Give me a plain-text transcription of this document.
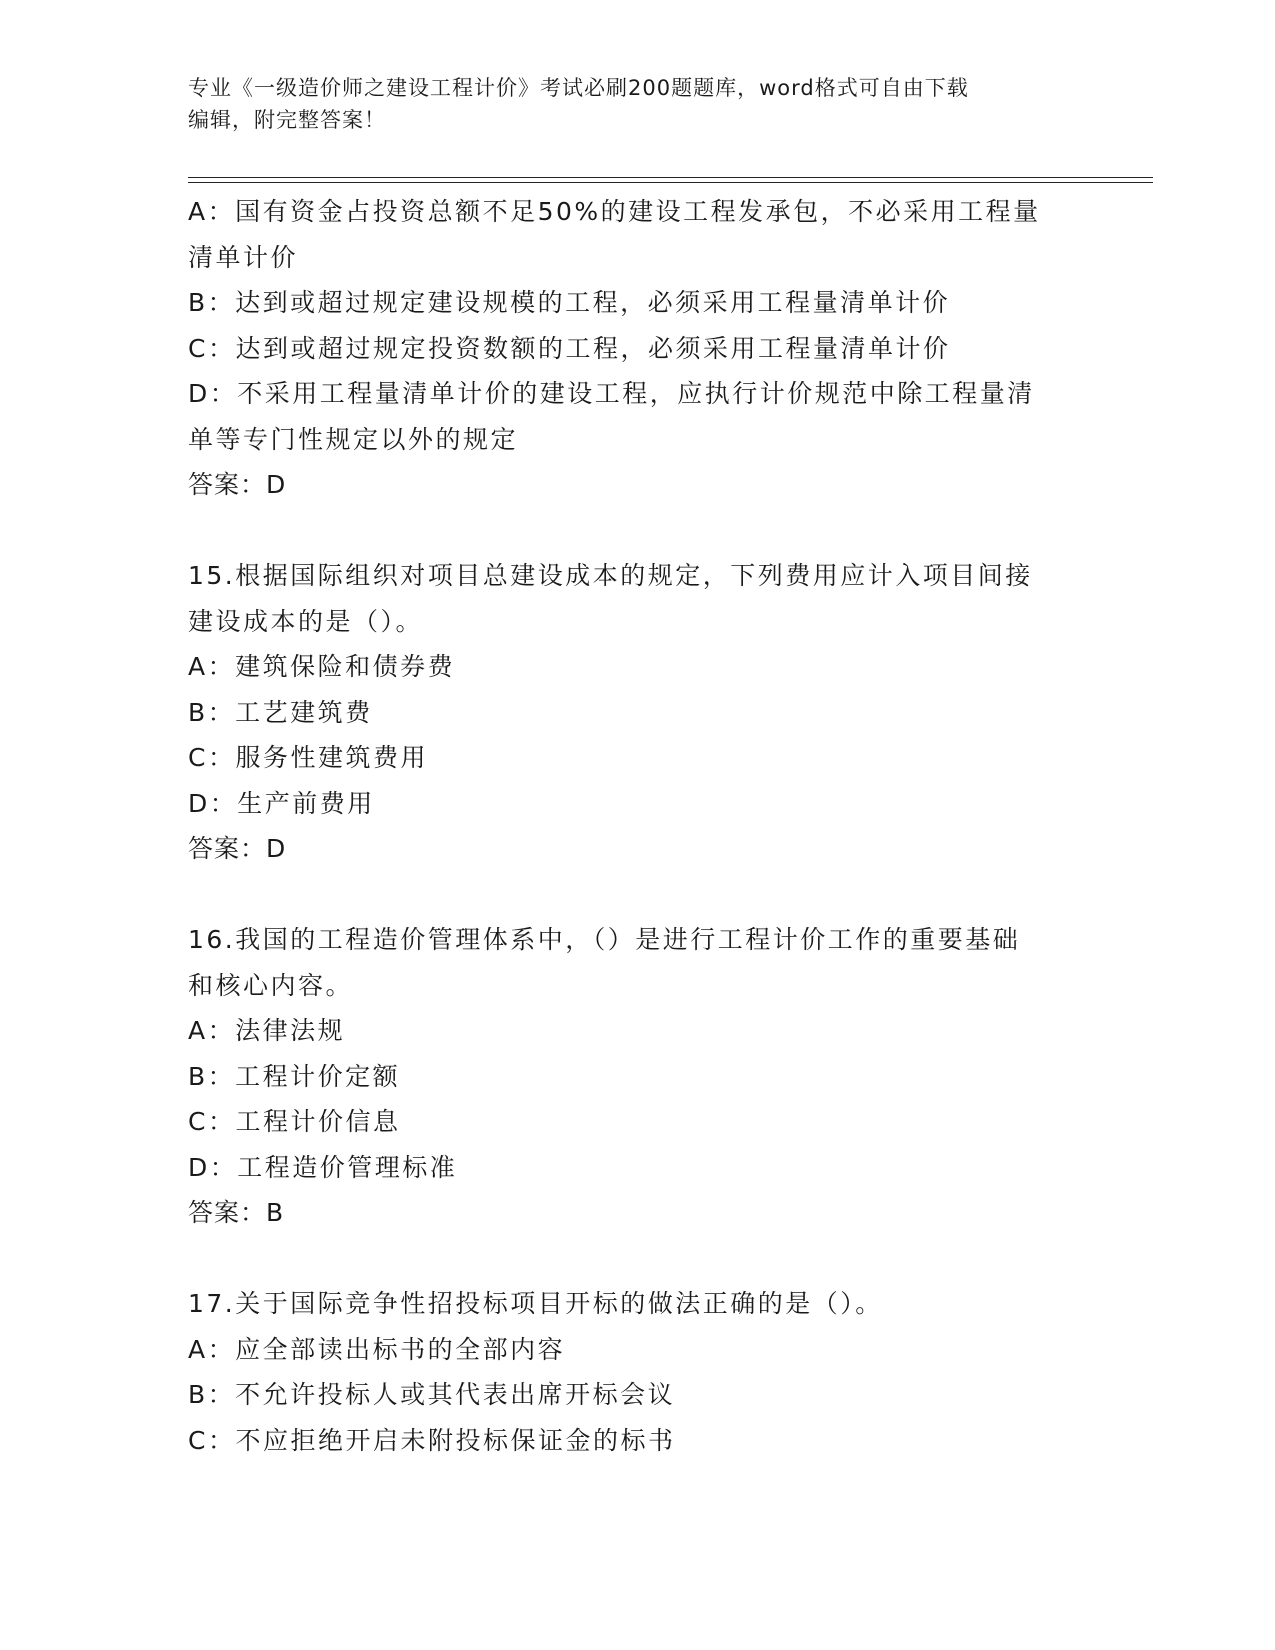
专业《一级造价师之建设工程计价》考试必刷200题题库，word格式可自由下载
编辑，附完整答案！
A：国有资金占投资总额不足50%的建设工程发承包，不必采用工程量
清单计价
B：达到或超过规定建设规模的工程，必须采用工程量清单计价
C：达到或超过规定投资数额的工程，必须采用工程量清单计价
D：不采用工程量清单计价的建设工程，应执行计价规范中除工程量清
单等专门性规定以外的规定
答案：D
15.根据国际组织对项目总建设成本的规定，下列费用应计入项目间接
建设成本的是（）。
A：建筑保险和债券费
B：工艺建筑费
C：服务性建筑费用
D：生产前费用
答案：D
16.我国的工程造价管理体系中，（）是进行工程计价工作的重要基础
和核心内容。
A：法律法规
B：工程计价定额
C：工程计价信息
D：工程造价管理标准
答案：B
17.关于国际竞争性招投标项目开标的做法正确的是（）。
A：应全部读出标书的全部内容
B：不允许投标人或其代表出席开标会议
C：不应拒绝开启未附投标保证金的标书
